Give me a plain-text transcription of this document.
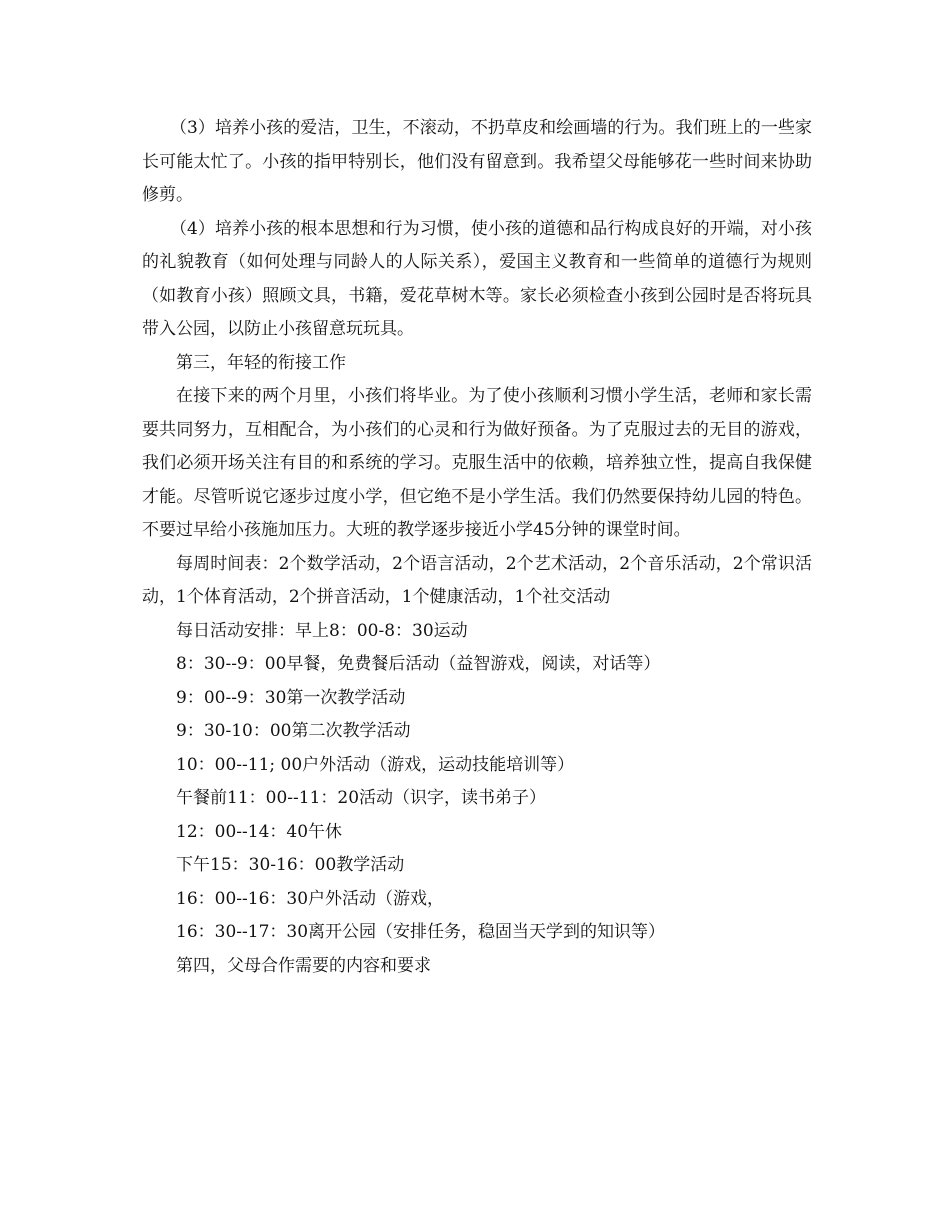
（3）培养小孩的爱洁，卫生，不滚动，不扔草皮和绘画墙的行为。我们班上的一些家长可能太忙了。小孩的指甲特别长，他们没有留意到。我希望父母能够花一些时间来协助修剪。

（4）培养小孩的根本思想和行为习惯，使小孩的道德和品行构成良好的开端，对小孩的礼貌教育（如何处理与同龄人的人际关系），爱国主义教育和一些简单的道德行为规则（如教育小孩）照顾文具，书籍，爱花草树木等。家长必须检查小孩到公园时是否将玩具带入公园，以防止小孩留意玩玩具。

第三，年轻的衔接工作

在接下来的两个月里，小孩们将毕业。为了使小孩顺利习惯小学生活，老师和家长需要共同努力，互相配合，为小孩们的心灵和行为做好预备。为了克服过去的无目的游戏，我们必须开场关注有目的和系统的学习。克服生活中的依赖，培养独立性，提高自我保健才能。尽管听说它逐步过度小学，但它绝不是小学生活。我们仍然要保持幼儿园的特色。不要过早给小孩施加压力。大班的教学逐步接近小学45分钟的课堂时间。

每周时间表：2个数学活动，2个语言活动，2个艺术活动，2个音乐活动，2个常识活动，1个体育活动，2个拼音活动，1个健康活动，1个社交活动

每日活动安排：早上8：00-8：30运动

8：30--9：00早餐，免费餐后活动（益智游戏，阅读，对话等）

9：00--9：30第一次教学活动

9：30-10：00第二次教学活动

10：00--11; 00户外活动（游戏，运动技能培训等）

午餐前11：00--11：20活动（识字，读书弟子）

12：00--14：40午休

下午15：30-16：00教学活动

16：00--16：30户外活动（游戏，

16：30--17：30离开公园（安排任务，稳固当天学到的知识等）

第四，父母合作需要的内容和要求
